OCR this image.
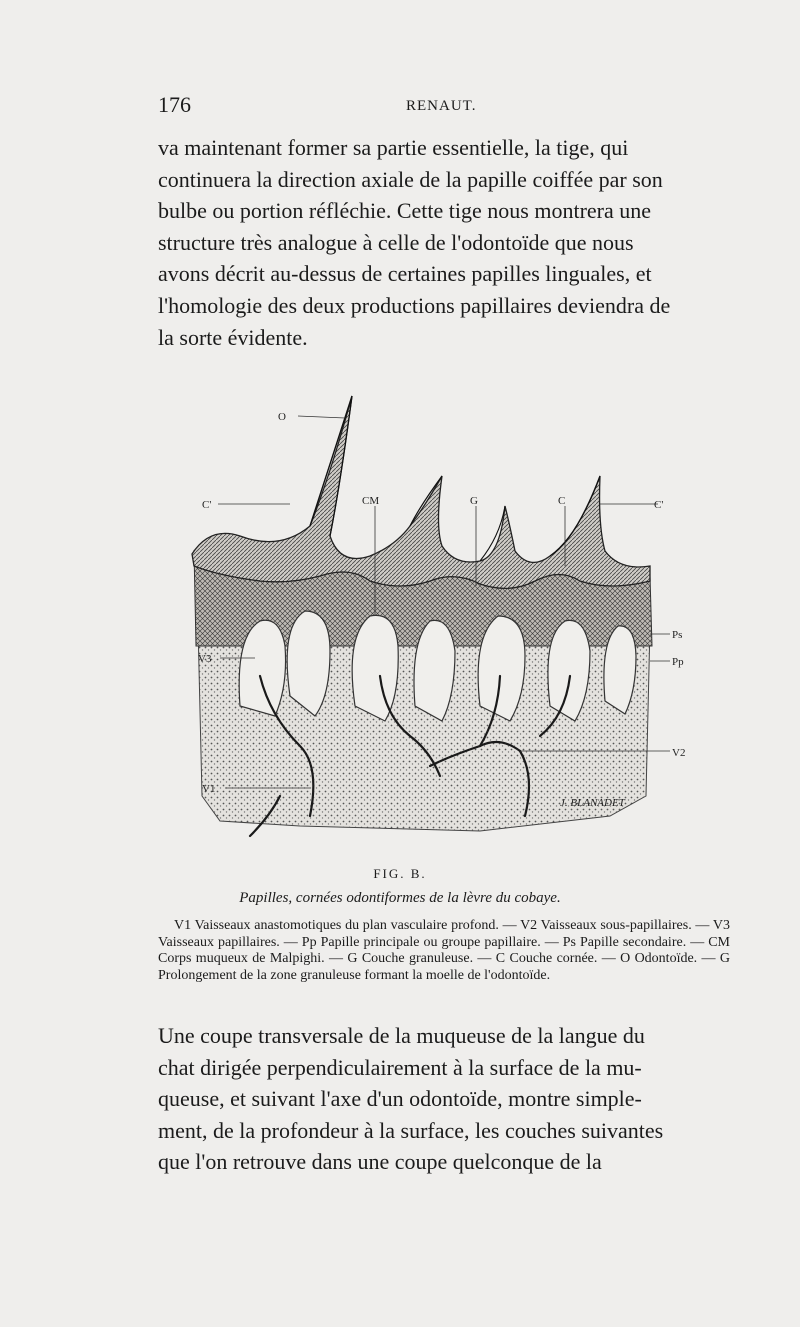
176	RENAUT.

va maintenant former sa partie essentielle, la tige, qui

continuera la direction axiale de la papille coiffée par son

bulbe ou portion réfléchie. Cette tige nous montrera une

structure très analogue à celle de l'odontoïde que nous

avons décrit au-dessus de certaines papilles linguales, et

l'homologie des deux productions papillaires deviendra de

la sorte évidente.

O
C'	CM	G	C	C'
Ps
Pp
V3
V2
V1
J. BLANADET
FIG. B.
Papilles, cornées odontiformes de la lèvre du cobaye.

V1 Vaisseaux anastomotiques du plan vasculaire profond. — V2 Vaisseaux sous-papillaires. — V3 Vaisseaux papillaires. — Pp Papille principale ou groupe papillaire. — Ps Papille secondaire. — CM Corps muqueux de Malpighi. — G Couche granuleuse. — C Couche cornée. — O Odontoïde. — G Prolongement de la zone granuleuse formant la moelle de l'odontoïde.

Une coupe transversale de la muqueuse de la langue du

chat dirigée perpendiculairement à la surface de la mu-

queuse, et suivant l'axe d'un odontoïde, montre simple-

ment, de la profondeur à la surface, les couches suivantes

que l'on retrouve dans une coupe quelconque de la
